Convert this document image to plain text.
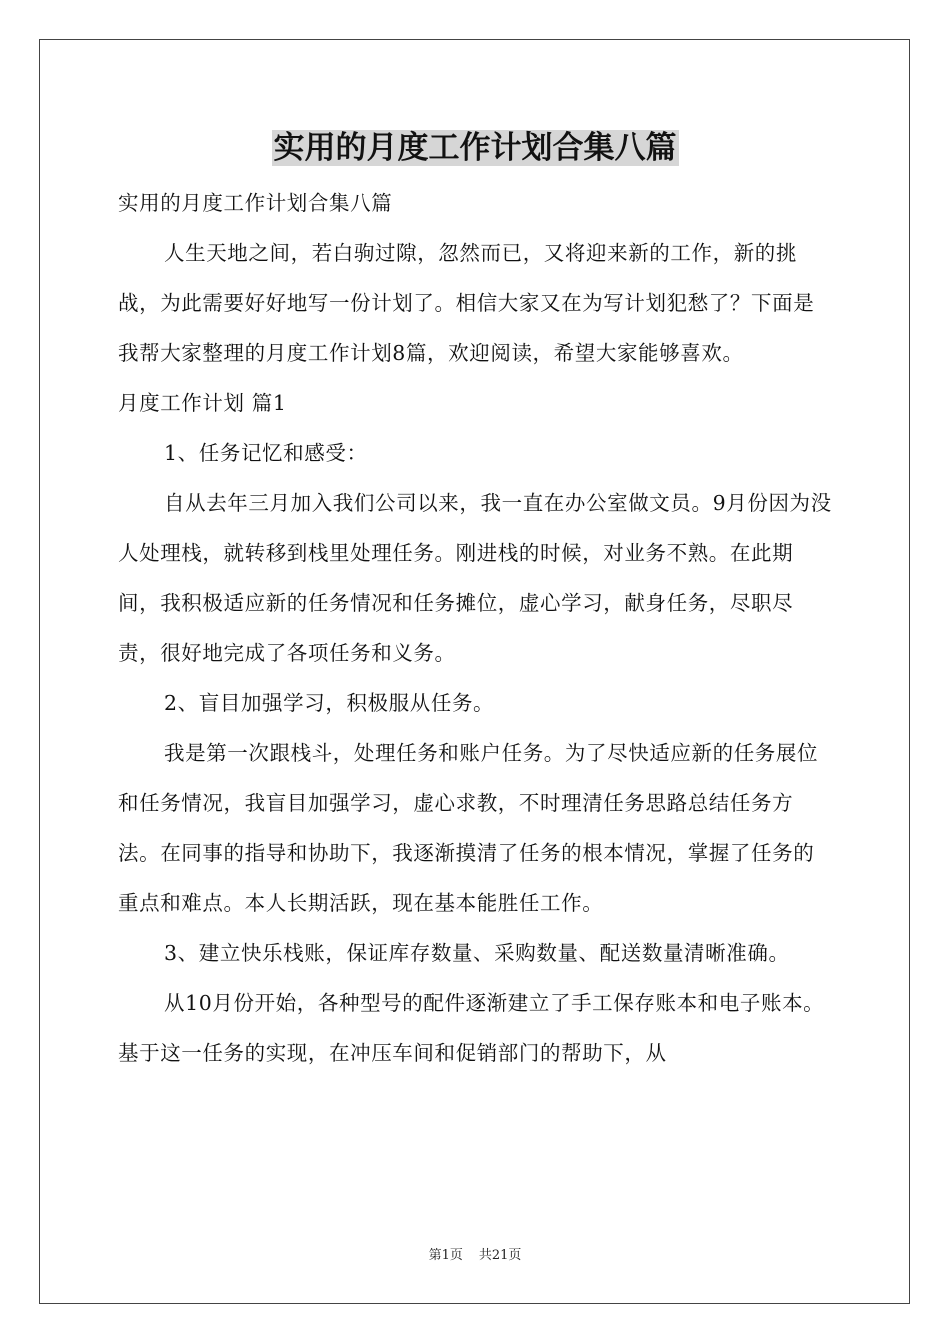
实用的月度工作计划合集八篇

实用的月度工作计划合集八篇

人生天地之间，若白驹过隙，忽然而已，又将迎来新的工作，新的挑战，为此需要好好地写一份计划了。相信大家又在为写计划犯愁了？下面是我帮大家整理的月度工作计划8篇，欢迎阅读，希望大家能够喜欢。

月度工作计划 篇1

1、任务记忆和感受：

自从去年三月加入我们公司以来，我一直在办公室做文员。9月份因为没人处理栈，就转移到栈里处理任务。刚进栈的时候，对业务不熟。在此期间，我积极适应新的任务情况和任务摊位，虚心学习，献身任务，尽职尽责，很好地完成了各项任务和义务。

2、盲目加强学习，积极服从任务。

我是第一次跟栈斗，处理任务和账户任务。为了尽快适应新的任务展位和任务情况，我盲目加强学习，虚心求教，不时理清任务思路总结任务方法。在同事的指导和协助下，我逐渐摸清了任务的根本情况，掌握了任务的重点和难点。本人长期活跃，现在基本能胜任工作。

3、建立快乐栈账，保证库存数量、采购数量、配送数量清晰准确。

从10月份开始，各种型号的配件逐渐建立了手工保存账本和电子账本。基于这一任务的实现，在冲压车间和促销部门的帮助下，从

第1页 共21页
